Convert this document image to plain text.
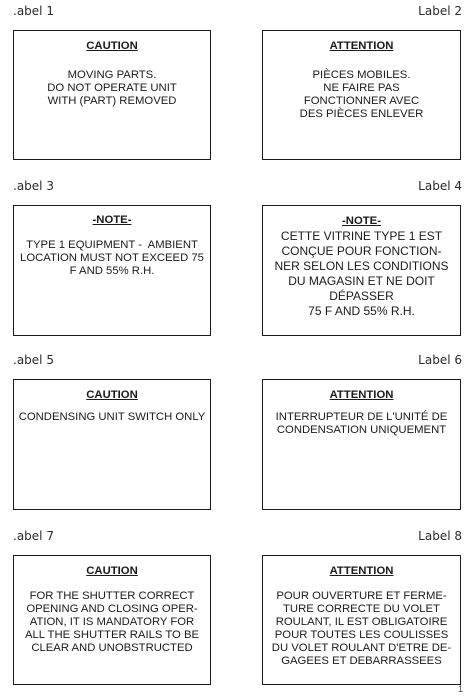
.abel 1	Label 2
CAUTION
MOVING PARTS.
DO NOT OPERATE UNIT
WITH (PART) REMOVED
ATTENTION
PIÈCES MOBILES.
NE FAIRE PAS
FONCTIONNER AVEC
DES PIÈCES ENLEVER
.abel 3	Label 4
-NOTE-
TYPE 1 EQUIPMENT -  AMBIENT
LOCATION MUST NOT EXCEED 75
F AND 55% R.H.
-NOTE-
CETTE VITRINE TYPE 1 EST
CONÇUE POUR FONCTION-
NER SELON LES CONDITIONS
DU MAGASIN ET NE DOIT
DÉPASSER
75 F AND 55% R.H.
.abel 5	Label 6
CAUTION
CONDENSING UNIT SWITCH ONLY
ATTENTION
INTERRUPTEUR DE L'UNITÉ DE
CONDENSATION UNIQUEMENT
.abel 7	Label 8
CAUTION
FOR THE SHUTTER CORRECT
OPENING AND CLOSING OPER-
ATION, IT IS MANDATORY FOR
ALL THE SHUTTER RAILS TO BE
CLEAR AND UNOBSTRUCTED
ATTENTION
POUR OUVERTURE ET FERME-
TURE CORRECTE DU VOLET
ROULANT, IL EST OBLIGATOIRE
POUR TOUTES LES COULISSES
DU VOLET ROULANT D'ETRE DE-
GAGEES ET DEBARRASSEES
1
